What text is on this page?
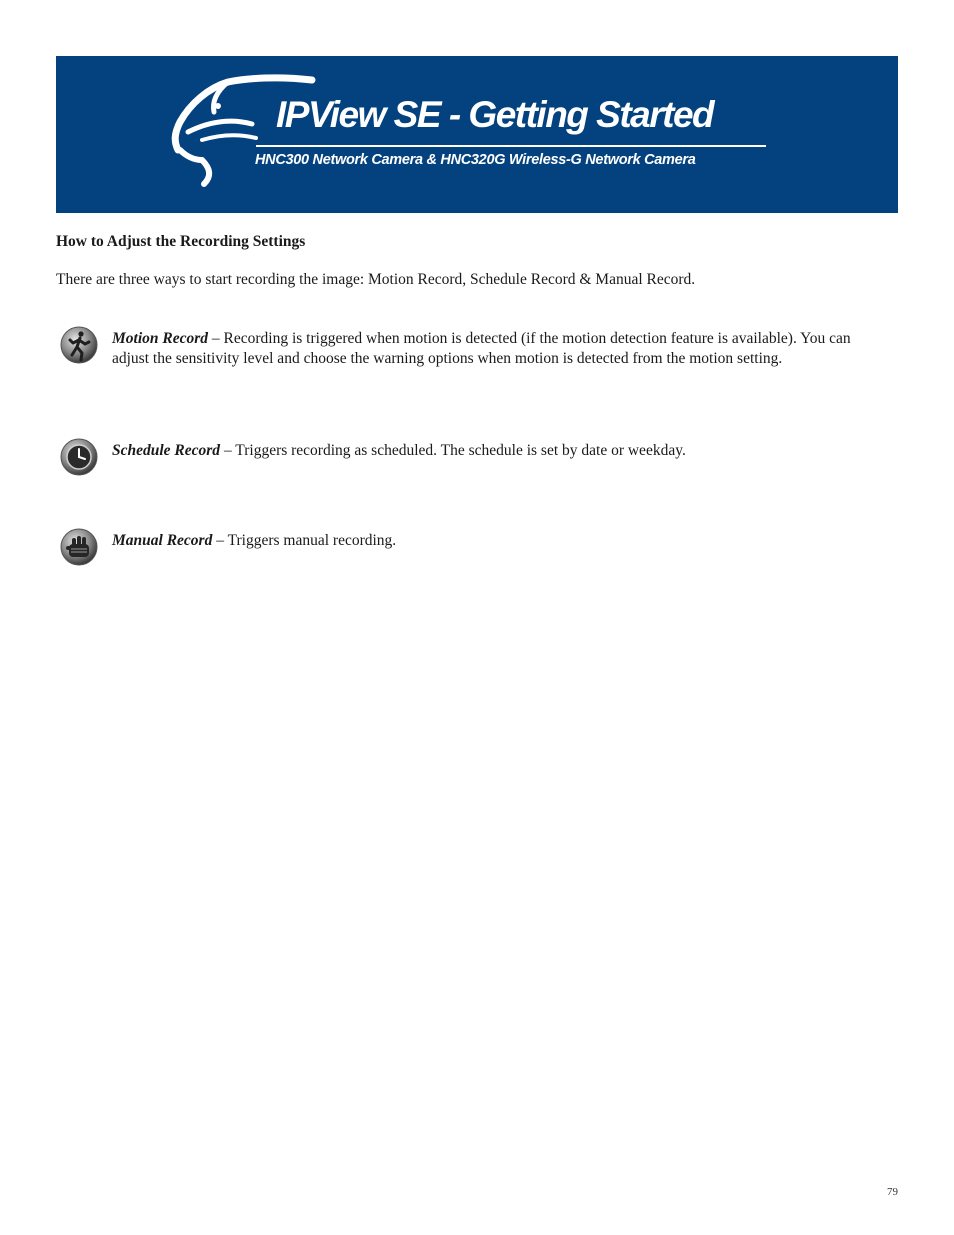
IPView SE - Getting Started
HNC300 Network Camera & HNC320G Wireless-G Network Camera
How to Adjust the Recording Settings

There are three ways to start recording the image: Motion Record, Schedule Record & Manual Record.

Motion Record – Recording is triggered when motion is detected (if the motion detection feature is available). You can adjust the sensitivity level and choose the warning options when motion is detected from the motion setting.

Schedule Record – Triggers recording as scheduled. The schedule is set by date or weekday.

Manual Record – Triggers manual recording.

79
